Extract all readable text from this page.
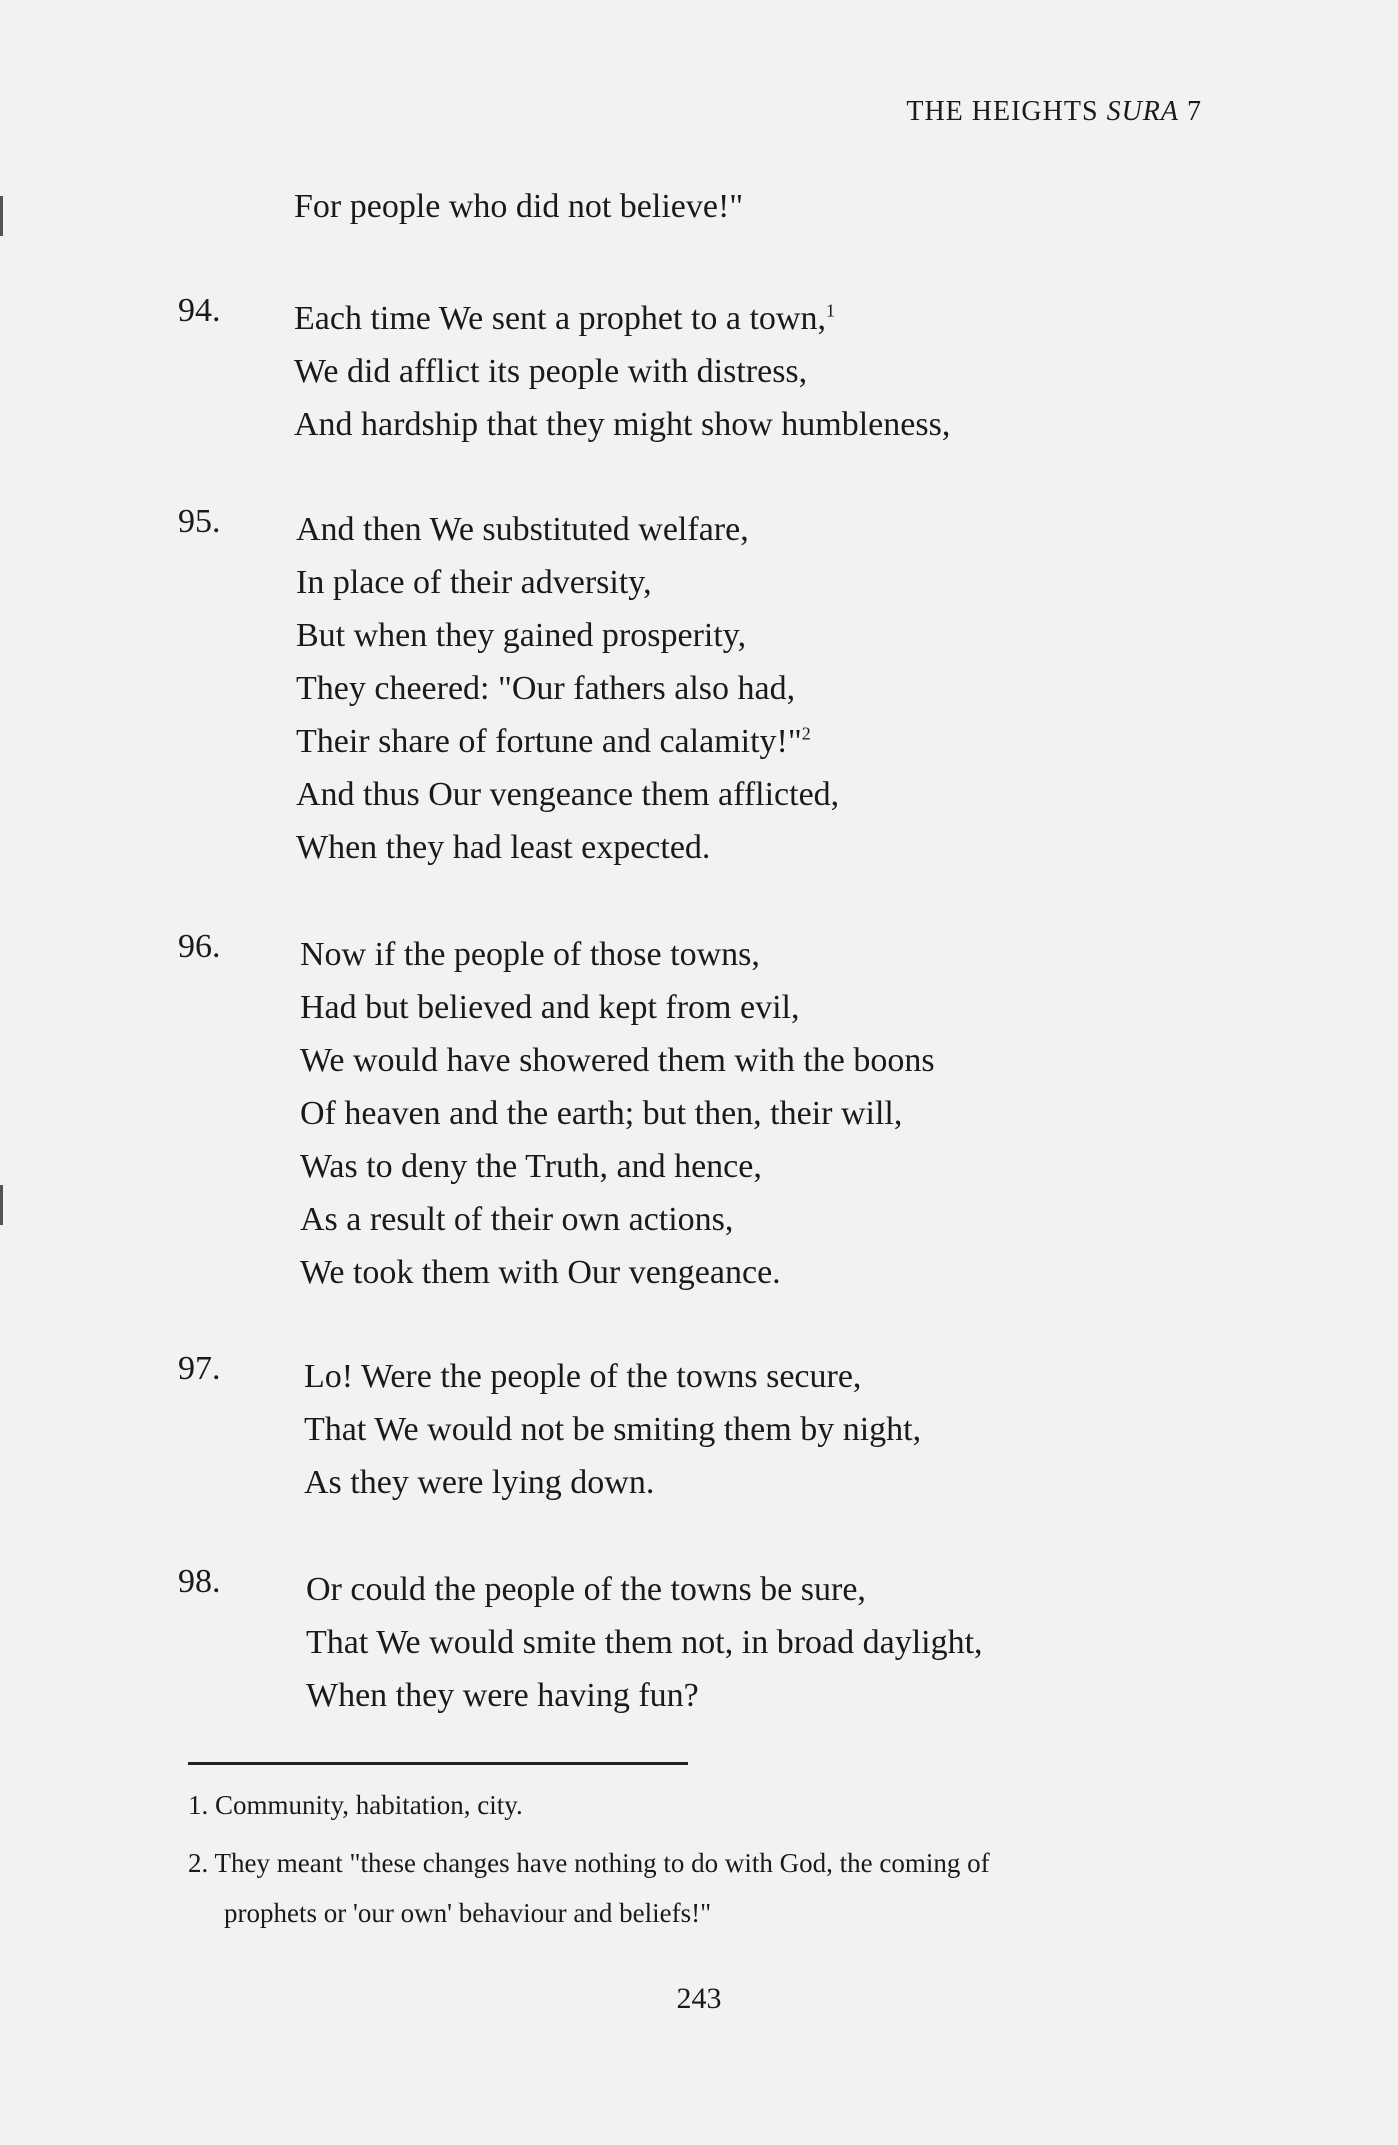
THE HEIGHTS SURA 7
For people who did not believe!"
94. Each time We sent a prophet to a town,$^1$
We did afflict its people with distress,
And hardship that they might show humbleness,
95. And then We substituted welfare,
In place of their adversity,
But when they gained prosperity,
They cheered: "Our fathers also had,
Their share of fortune and calamity!"$^2$
And thus Our vengeance them afflicted,
When they had least expected.
96. Now if the people of those towns,
Had but believed and kept from evil,
We would have showered them with the boons
Of heaven and the earth; but then, their will,
Was to deny the Truth, and hence,
As a result of their own actions,
We took them with Our vengeance.
97. Lo! Were the people of the towns secure,
That We would not be smiting them by night,
As they were lying down.
98.	Or could the people of the towns be sure,
That We would smite them not, in broad daylight,
When they were having fun?
1. Community, habitation, city.
2. They meant "these changes have nothing to do with God, the coming of
prophets or 'our own' behaviour and beliefs!"
243
